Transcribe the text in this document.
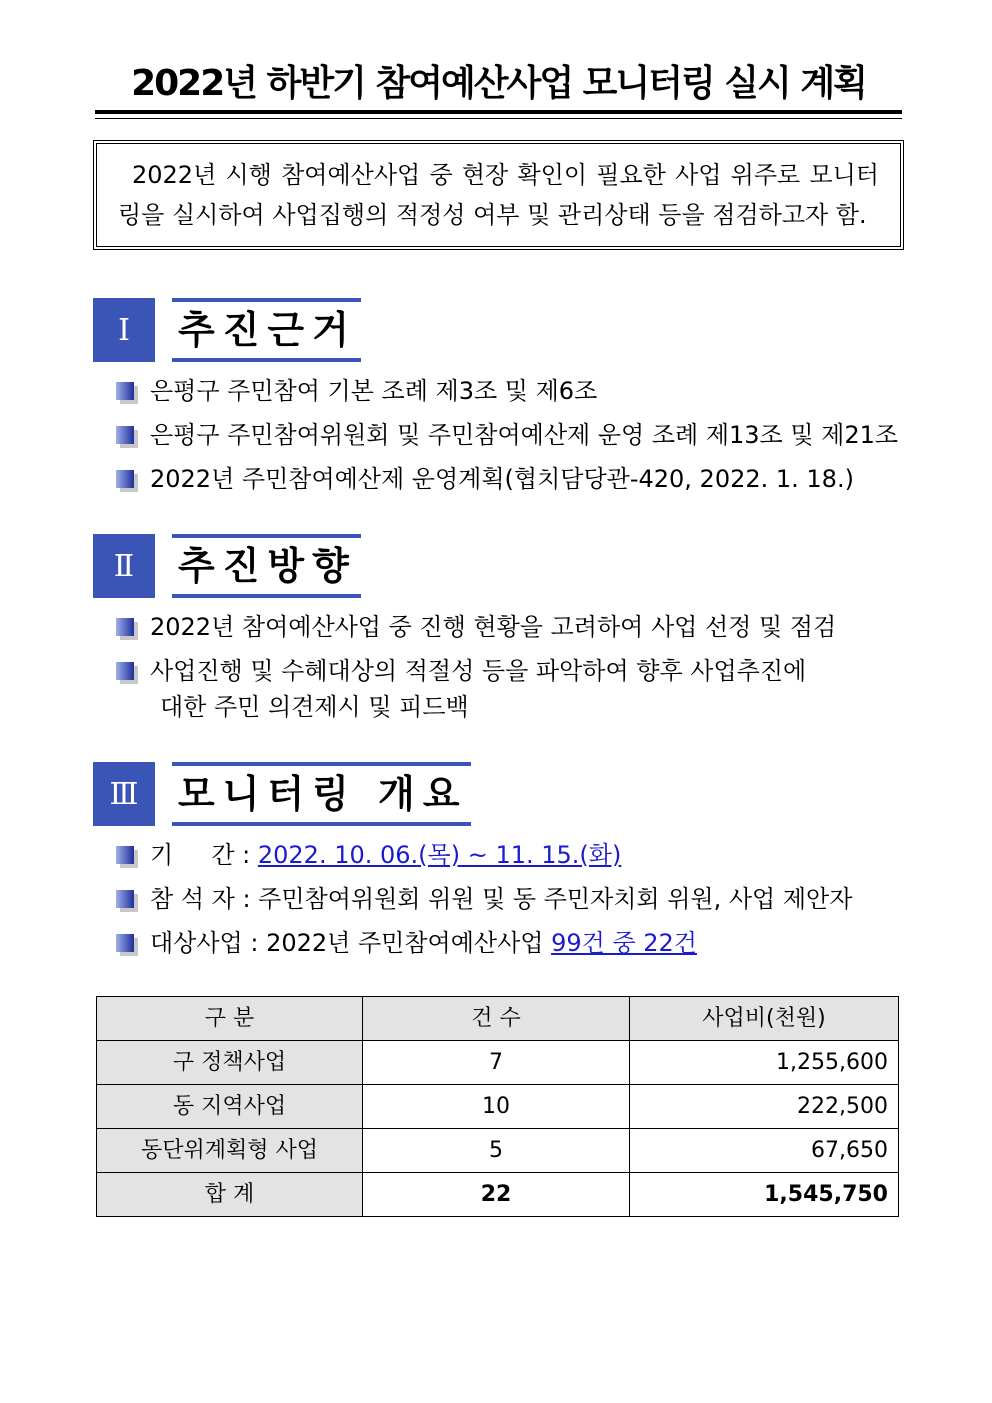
2022년 하반기 참여예산사업 모니터링 실시 계획
2022년 시행 참여예산사업 중 현장 확인이 필요한 사업 위주로 모니터링을 실시하여 사업집행의 적정성 여부 및 관리상태 등을 점검하고자 함.
Ⅰ	추진근거
은평구 주민참여 기본 조례 제3조 및 제6조
은평구 주민참여위원회 및 주민참여예산제 운영 조례 제13조 및 제21조
2022년 주민참여예산제 운영계획(협치담당관-420, 2022. 1. 18.)
Ⅱ	추진방향
2022년 참여예산사업 중 진행 현황을 고려하여 사업 선정 및 점검
사업진행 및 수혜대상의 적절성 등을 파악하여 향후 사업추진에
대한 주민 의견제시 및 피드백
Ⅲ	모니터링 개요
기     간 : 2022. 10. 06.(목) ~ 11. 15.(화)
참 석 자 : 주민참여위원회 위원 및 동 주민자치회 위원, 사업 제안자
대상사업 : 2022년 주민참여예산사업 99건 중 22건
구 분	건 수	사업비(천원)
구 정책사업	7	1,255,600
동 지역사업	10	222,500
동단위계획형 사업	5	67,650
합 계	22	1,545,750
